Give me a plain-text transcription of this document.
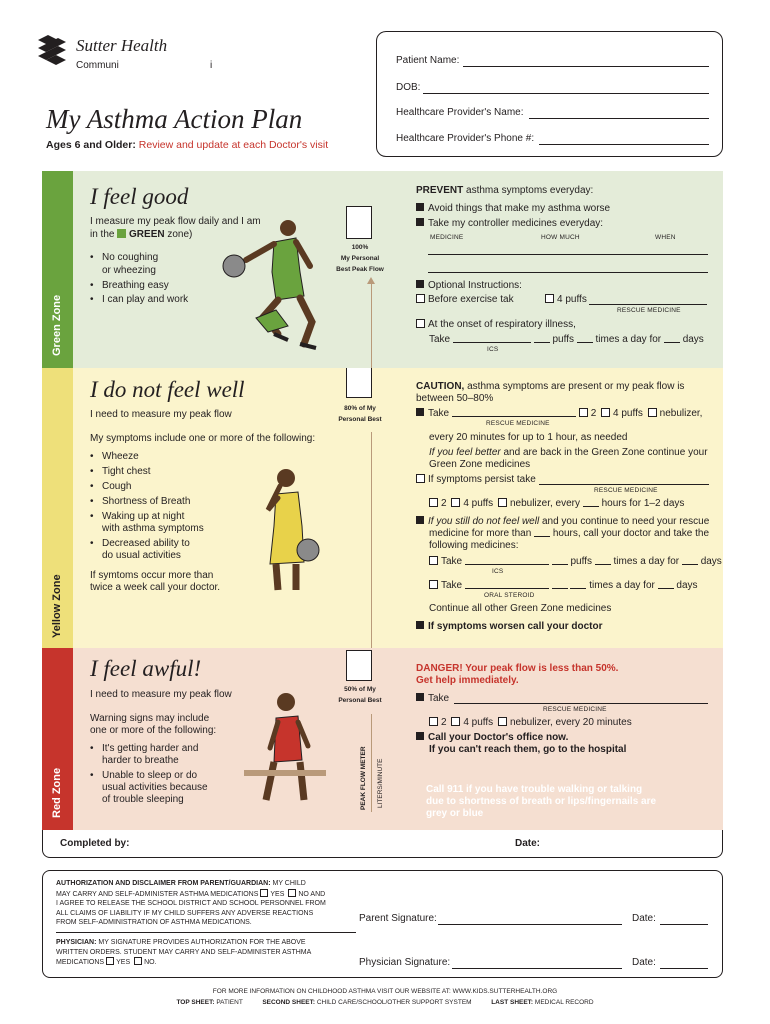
Sutter Health
Communi	i
My Asthma Action Plan
Ages 6 and Older: Review and update at each Doctor's visit
Patient Name:
DOB:
Healthcare Provider's Name:
Healthcare Provider's Phone #:
Green Zone
I feel good
I measure my peak flow daily and I am
in the GREEN zone)
• No coughing
or wheezing
• Breathing easy
• I can play and work
100%
My Personal
Best Peak Flow
PREVENT asthma symptoms everyday:
Avoid things that make my asthma worse
Take my controller medicines everyday:
MEDICINE	HOW MUCH	WHEN
Optional Instructions:
Before exercise tak	4 puffs
RESCUE MEDICINE
At the onset of respiratory illness,
Take	puffs times a day for days
ICS
Yellow Zone
I do not feel well
I need to measure my peak flow
My symptoms include one or more of the following:
• Wheeze
• Tight chest
• Cough
• Shortness of Breath
• Waking up at night
with asthma symptoms
• Decreased ability to
do usual activities
If symtoms occur more than
twice a week call your doctor.
80% of My
Personal Best
CAUTION, asthma symptoms are present or my peak flow is
between 50–80%
Take	2 4 puffs nebulizer,
RESCUE MEDICINE
every 20 minutes for up to 1 hour, as needed
If you feel better and are back in the Green Zone continue your
Green Zone medicines
If symptoms persist take
RESCUE MEDICINE
2 4 puffs nebulizer, every hours for 1–2 days
If you still do not feel well and you continue to need your rescue
medicine for more than hours, call your doctor and take the
following medicines:
Take	puffs times a day for days
ICS
Take	times a day for days
ORAL STEROID
Continue all other Green Zone medicines
If symptoms worsen call your doctor
Red Zone
I feel awful!
I need to measure my peak flow
Warning signs may include
one or more of the following:
• It's getting harder and
harder to breathe
• Unable to sleep or do
usual activities because
of trouble sleeping
50% of My
Personal Best
PEAK FLOW METER LITERS/MINUTE
DANGER! Your peak flow is less than 50%.
Get help immediately.
Take
RESCUE MEDICINE
2 4 puffs nebulizer, every 20 minutes
Call your Doctor's office now.
If you can't reach them, go to the hospital
Call 911 if you have trouble walking or talking
due to shortness of breath or lips/fingernails are
grey or blue
Completed by:	Date:
AUTHORIZATION AND DISCLAIMER FROM PARENT/GUARDIAN: MY CHILD
MAY CARRY AND SELF-ADMINISTER ASTHMA MEDICATIONS YES NO AND
I AGREE TO RELEASE THE SCHOOL DISTRICT AND SCHOOL PERSONNEL FROM
ALL CLAIMS OF LIABILITY IF MY CHILD SUFFERS ANY ADVERSE REACTIONS
FROM SELF-ADMINISTRATION OF ASTHMA MEDICATIONS.	Parent Signature:	Date:
PHYSICIAN: MY SIGNATURE PROVIDES AUTHORIZATION FOR THE ABOVE
WRITTEN ORDERS. STUDENT MAY CARRY AND SELF-ADMINISTER ASTHMA
MEDICATIONS YES NO.	Physician Signature:	Date:
FOR MORE INFORMATION ON CHILDHOOD ASTHMA VISIT OUR WEBSITE AT: WWW.KIDS.SUTTERHEALTH.ORG
TOP SHEET: PATIENT	SECOND SHEET: CHILD CARE/SCHOOL/OTHER SUPPORT SYSTEM	LAST SHEET: MEDICAL RECORD
